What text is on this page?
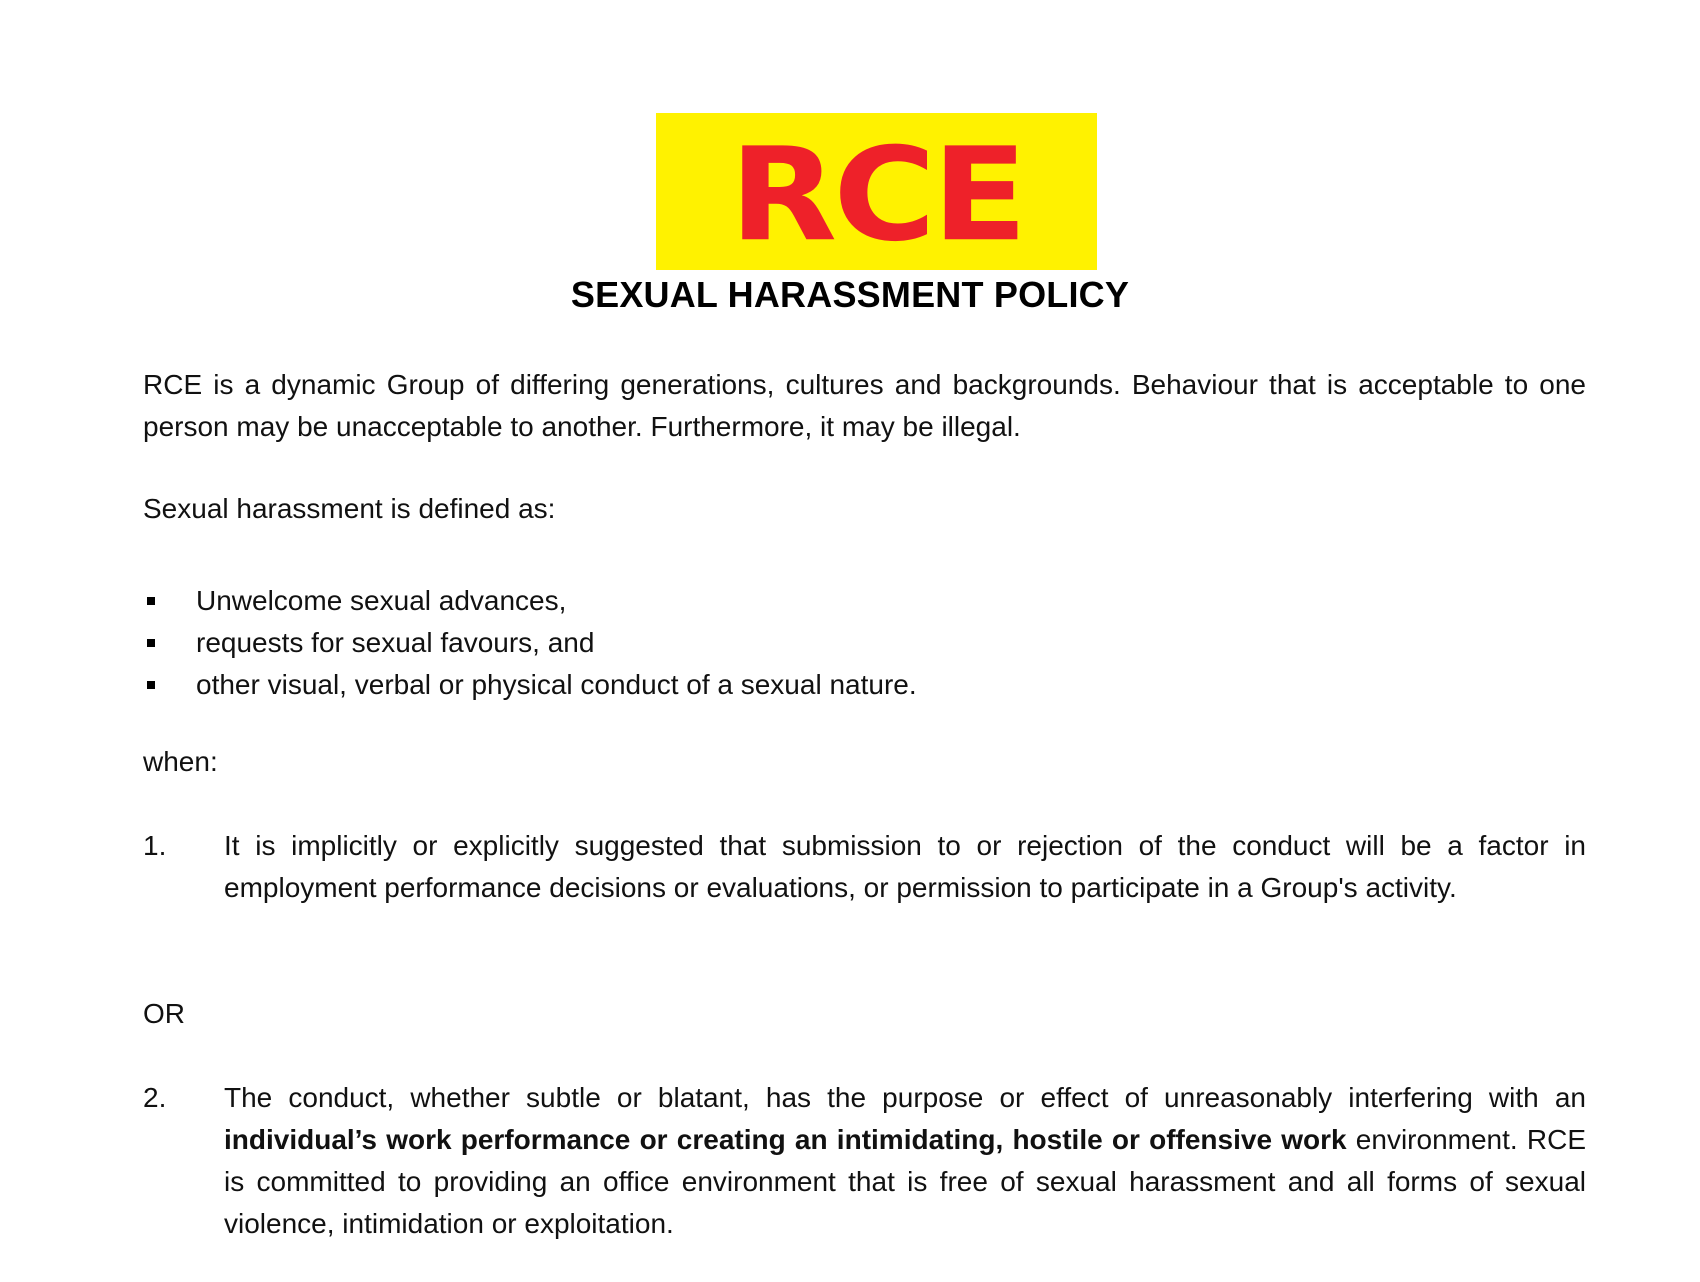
RCE
SEXUAL HARASSMENT POLICY
RCE is a dynamic Group of differing generations, cultures and backgrounds. Behaviour that is acceptable to one person may be unacceptable to another. Furthermore, it may be illegal.
Sexual harassment is defined as:
Unwelcome sexual advances,
requests for sexual favours, and
other visual, verbal or physical conduct of a sexual nature.
when:
1. It is implicitly or explicitly suggested that submission to or rejection of the conduct will be a factor in employment performance decisions or evaluations, or permission to participate in a Group's activity.
OR
2. The conduct, whether subtle or blatant, has the purpose or effect of unreasonably interfering with an individual’s work performance or creating an intimidating, hostile or offensive work environment. RCE is committed to providing an office environment that is free of sexual harassment and all forms of sexual violence, intimidation or exploitation.
